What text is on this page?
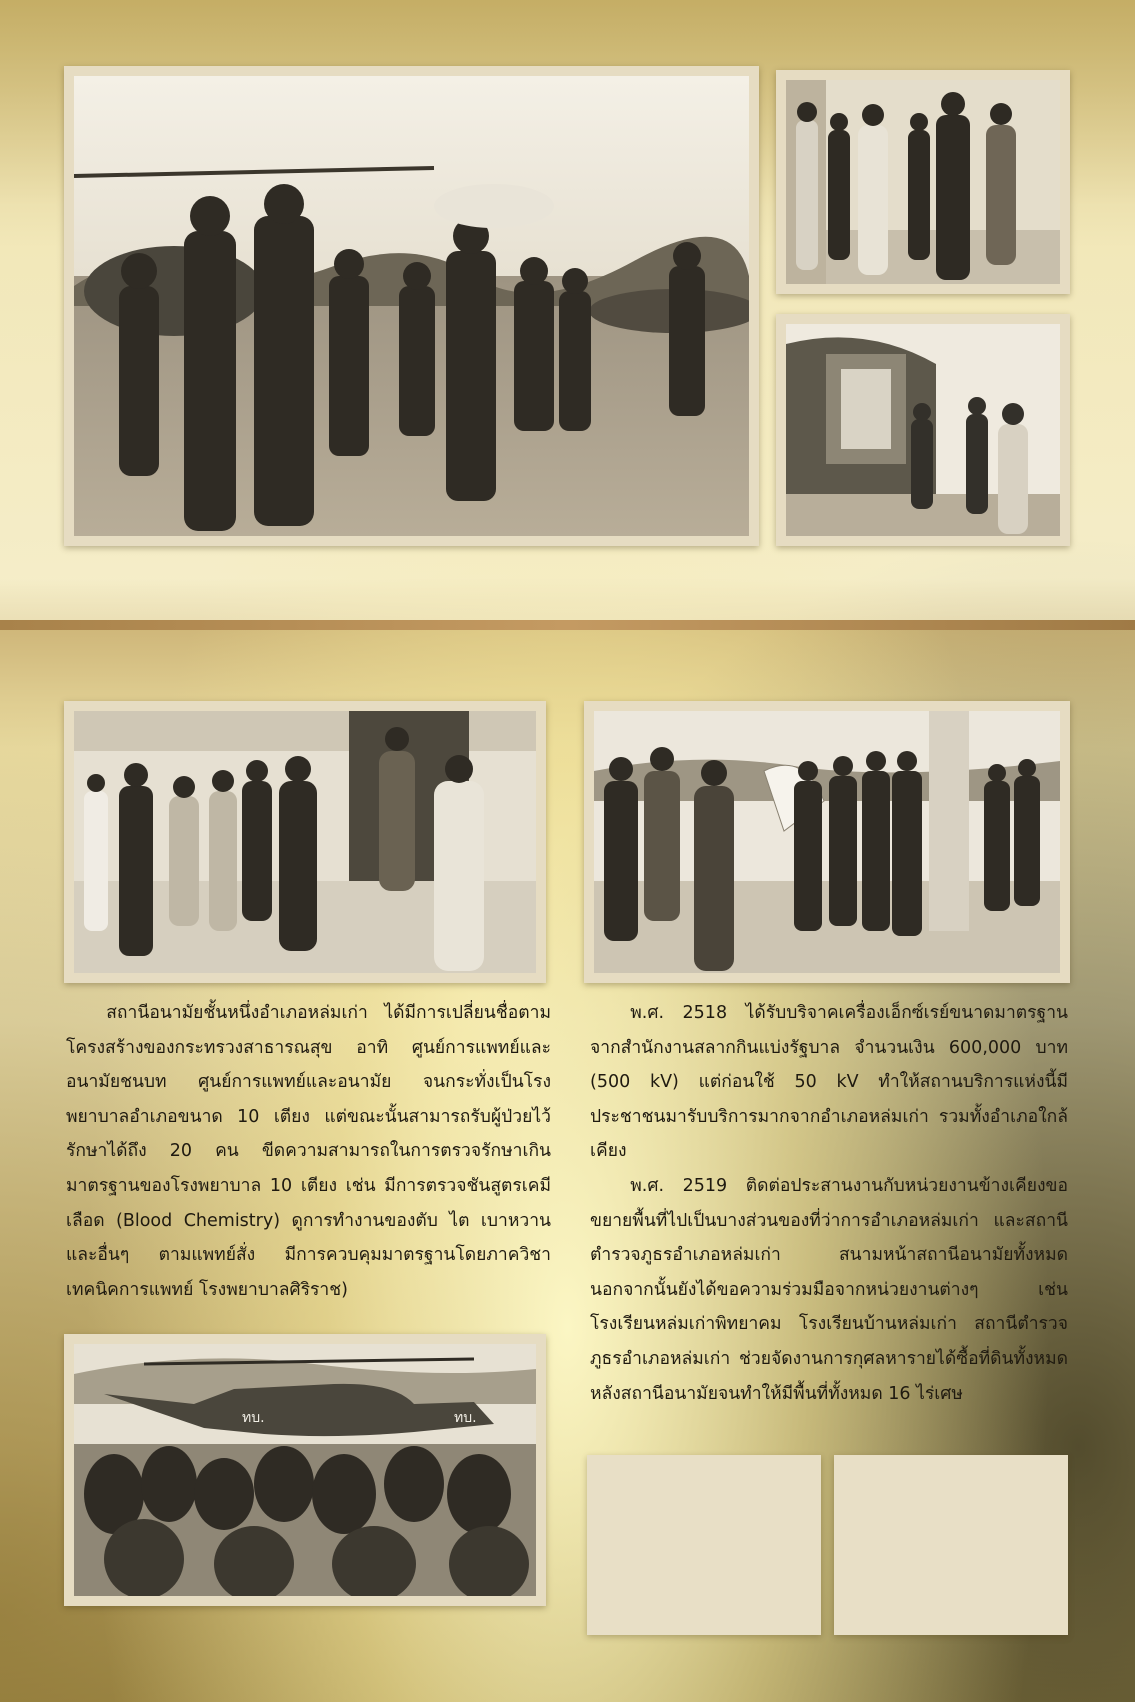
สถานีอนามัยชั้นหนึ่งอำเภอหล่มเก่า ได้มีการเปลี่ยนชื่อตามโครงสร้างของกระทรวงสาธารณสุข อาทิ ศูนย์การแพทย์และอนามัยชนบท ศูนย์การแพทย์และอนามัย จนกระทั่งเป็นโรงพยาบาลอำเภอขนาด 10 เตียง แต่ขณะนั้นสามารถรับผู้ป่วยไว้รักษาได้ถึง 20 คน ขีดความสามารถในการตรวจรักษาเกินมาตรฐานของโรงพยาบาล 10 เตียง เช่น มีการตรวจชันสูตรเคมีเลือด (Blood Chemistry) ดูการทำงานของตับ ไต เบาหวานและอื่นๆ ตามแพทย์สั่ง มีการควบคุมมาตรฐานโดยภาควิชาเทคนิคการแพทย์ โรงพยาบาลศิริราช)

พ.ศ. 2518 ได้รับบริจาคเครื่องเอ็กซ์เรย์ขนาดมาตรฐานจากสำนักงานสลากกินแบ่งรัฐบาล จำนวนเงิน 600,000 บาท (500 kV) แต่ก่อนใช้ 50 kV ทำให้สถานบริการแห่งนี้มีประชาชนมารับบริการมากจากอำเภอหล่มเก่า รวมทั้งอำเภอใกล้เคียง

พ.ศ. 2519 ติดต่อประสานงานกับหน่วยงานข้างเคียงขอขยายพื้นที่ไปเป็นบางส่วนของที่ว่าการอำเภอหล่มเก่า และสถานีตำรวจภูธรอำเภอหล่มเก่า สนามหน้าสถานีอนามัยทั้งหมด นอกจากนั้นยังได้ขอความร่วมมือจากหน่วยงานต่างๆ เช่น โรงเรียนหล่มเก่าพิทยาคม โรงเรียนบ้านหล่มเก่า สถานีตำรวจภูธรอำเภอหล่มเก่า ช่วยจัดงานการกุศลหารายได้ซื้อที่ดินทั้งหมดหลังสถานีอนามัยจนทำให้มีพื้นที่ทั้งหมด 16 ไร่เศษ

ทบ.	ทบ.
